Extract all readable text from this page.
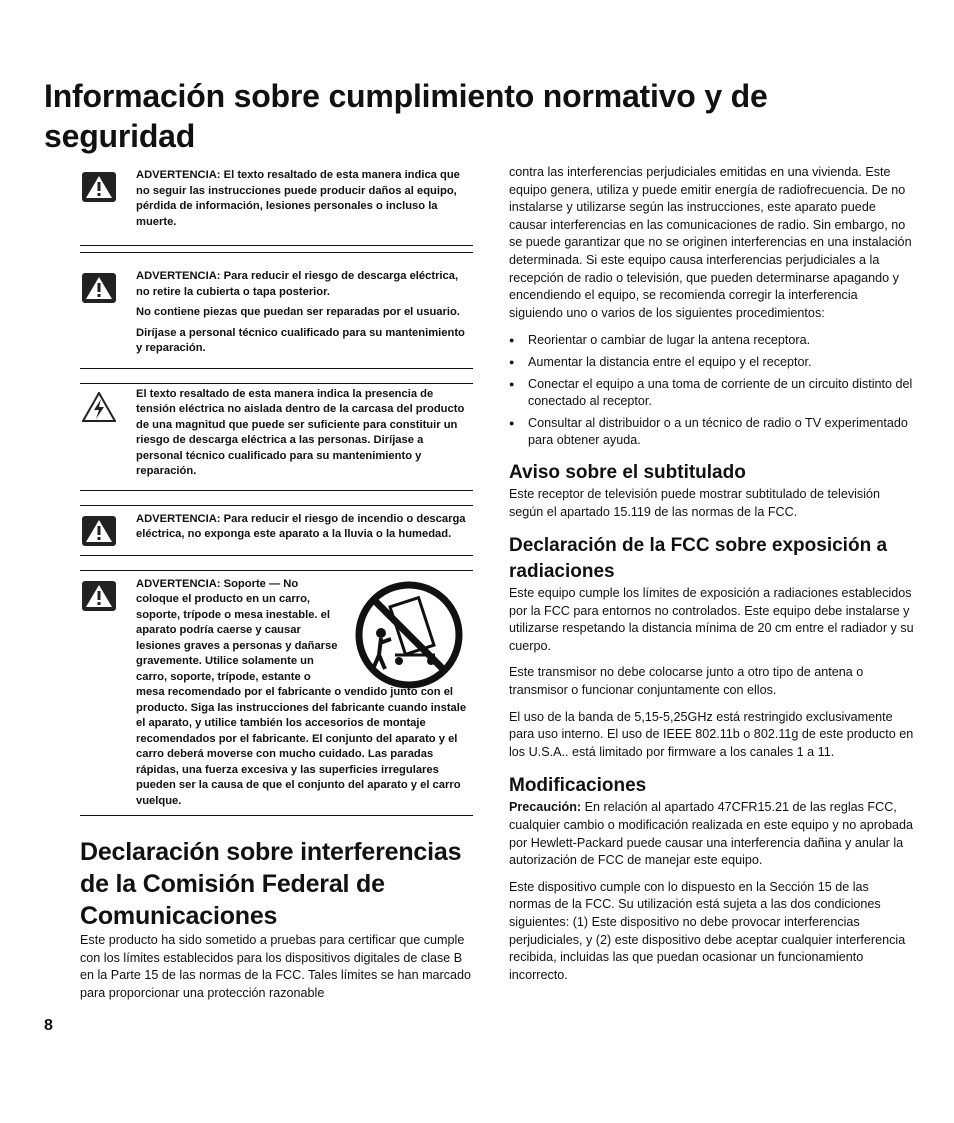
Información sobre cumplimiento normativo y de seguridad

ADVERTENCIA: El texto resaltado de esta manera indica que no seguir las instrucciones puede producir daños al equipo, pérdida de información, lesiones personales o incluso la muerte.

ADVERTENCIA: Para reducir el riesgo de descarga eléctrica, no retire la cubierta o tapa posterior.

No contiene piezas que puedan ser reparadas por el usuario.

Diríjase a personal técnico cualificado para su mantenimiento y reparación.

El texto resaltado de esta manera indica la presencia de tensión eléctrica no aislada dentro de la carcasa del producto de una magnitud que puede ser suficiente para constituir un riesgo de descarga eléctrica a las personas. Diríjase a personal técnico cualificado para su mantenimiento y reparación.

ADVERTENCIA: Para reducir el riesgo de incendio o descarga eléctrica, no exponga este aparato a la lluvia o la humedad.

ADVERTENCIA: Soporte — No coloque el producto en un carro, soporte, trípode o mesa inestable. el aparato podría caerse y causar lesiones graves a personas y dañarse gravemente. Utilice solamente un carro, soporte, trípode, estante o mesa recomendado por el fabricante o vendido junto con el producto. Siga las instrucciones del fabricante cuando instale el aparato, y utilice también los accesorios de montaje recomendados por el fabricante. El conjunto del aparato y el carro deberá moverse con mucho cuidado. Las paradas rápidas, una fuerza excesiva y las superficies irregulares pueden ser la causa de que el conjunto del aparato y el carro vuelque.

Declaración sobre interferencias de la Comisión Federal de Comunicaciones

Este producto ha sido sometido a pruebas para certificar que cumple con los límites establecidos para los dispositivos digitales de clase B en la Parte 15 de las normas de la FCC. Tales límites se han marcado para proporcionar una protección razonable

contra las interferencias perjudiciales emitidas en una vivienda. Este equipo genera, utiliza y puede emitir energía de radiofrecuencia. De no instalarse y utilizarse según las instrucciones, este aparato puede causar interferencias en las comunicaciones de radio. Sin embargo, no se puede garantizar que no se originen interferencias en una instalación determinada. Si este equipo causa interferencias perjudiciales a la recepción de radio o televisión, que pueden determinarse apagando y encendiendo el equipo, se recomienda corregir la interferencia siguiendo uno o varios de los siguientes procedimientos:

● Reorientar o cambiar de lugar la antena receptora.
● Aumentar la distancia entre el equipo y el receptor.
● Conectar el equipo a una toma de corriente de un circuito distinto del conectado al receptor.
● Consultar al distribuidor o a un técnico de radio o TV experimentado para obtener ayuda.
Aviso sobre el subtitulado

Este receptor de televisión puede mostrar subtitulado de televisión según el apartado 15.119 de las normas de la FCC.

Declaración de la FCC sobre exposición a radiaciones

Este equipo cumple los límites de exposición a radiaciones establecidos por la FCC para entornos no controlados. Este equipo debe instalarse y utilizarse respetando la distancia mínima de 20 cm entre el radiador y su cuerpo.

Este transmisor no debe colocarse junto a otro tipo de antena o transmisor o funcionar conjuntamente con ellos.

El uso de la banda de 5,15-5,25GHz está restringido exclusivamente para uso interno. El uso de IEEE 802.11b o 802.11g de este producto en los U.S.A.. está limitado por firmware a los canales 1 a 11.

Modificaciones

Precaución: En relación al apartado 47CFR15.21 de las reglas FCC, cualquier cambio o modificación realizada en este equipo y no aprobada por Hewlett-Packard puede causar una interferencia dañina y anular la autorización de FCC de manejar este equipo.

Este dispositivo cumple con lo dispuesto en la Sección 15 de las normas de la FCC. Su utilización está sujeta a las dos condiciones siguientes: (1) Este dispositivo no debe provocar interferencias perjudiciales, y (2) este dispositivo debe aceptar cualquier interferencia recibida, incluidas las que puedan ocasionar un funcionamiento incorrecto.

8
